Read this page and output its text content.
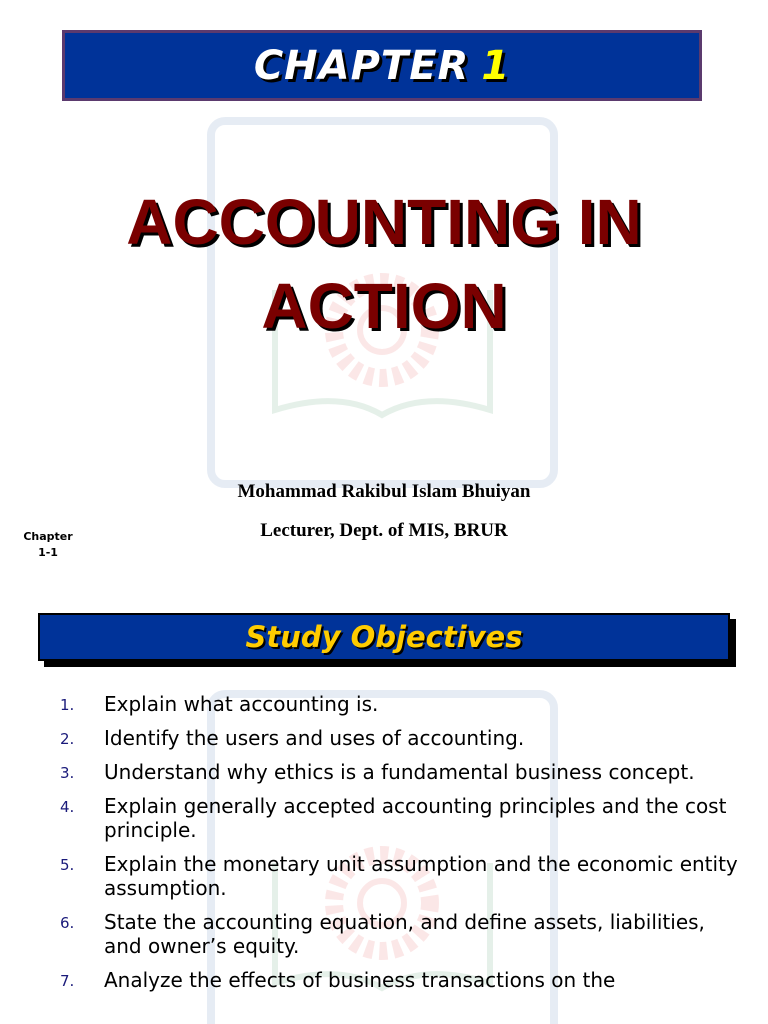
CHAPTER 1
ACCOUNTING IN
ACTION
Mohammad Rakibul Islam Bhuiyan
Lecturer, Dept. of MIS, BRUR
Chapter
1-1
Study Objectives
1. Explain what accounting is.
2. Identify the users and uses of accounting.
3. Understand why ethics is a fundamental business concept.
4. Explain generally accepted accounting principles and the cost principle.
5. Explain the monetary unit assumption and the economic entity assumption.
6. State the accounting equation, and define assets, liabilities, and owner’s equity.
7. Analyze the effects of business transactions on the
